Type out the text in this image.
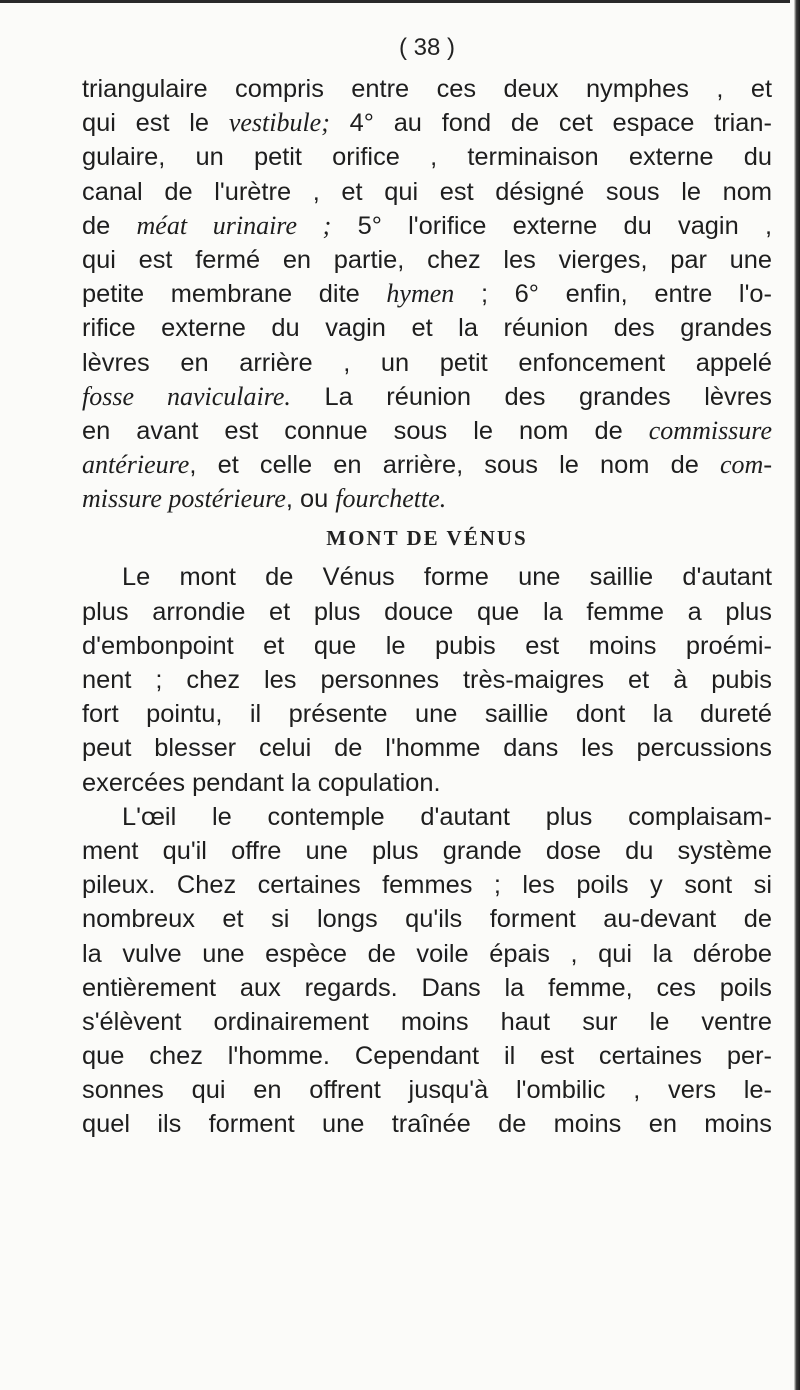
( 38 )
triangulaire compris entre ces deux nymphes , et
qui est le vestibule; 4° au fond de cet espace trian-
gulaire, un petit orifice , terminaison externe du
canal de l'urètre , et qui est désigné sous le nom
de méat urinaire ; 5° l'orifice externe du vagin ,
qui est fermé en partie, chez les vierges, par une
petite membrane dite hymen ; 6° enfin, entre l'o-
rifice externe du vagin et la réunion des grandes
lèvres en arrière , un petit enfoncement appelé
fosse naviculaire. La réunion des grandes lèvres
en avant est connue sous le nom de commissure
antérieure, et celle en arrière, sous le nom de com-
missure postérieure, ou fourchette.
MONT DE VÉNUS
Le mont de Vénus forme une saillie d'autant
plus arrondie et plus douce que la femme a plus
d'embonpoint et que le pubis est moins proémi-
nent ; chez les personnes très-maigres et à pubis
fort pointu, il présente une saillie dont la dureté
peut blesser celui de l'homme dans les percussions
exercées pendant la copulation.
L'œil le contemple d'autant plus complaisam-
ment qu'il offre une plus grande dose du système
pileux. Chez certaines femmes ; les poils y sont si
nombreux et si longs qu'ils forment au-devant de
la vulve une espèce de voile épais , qui la dérobe
entièrement aux regards. Dans la femme, ces poils
s'élèvent ordinairement moins haut sur le ventre
que chez l'homme. Cependant il est certaines per-
sonnes qui en offrent jusqu'à l'ombilic , vers le-
quel ils forment une traînée de moins en moins
